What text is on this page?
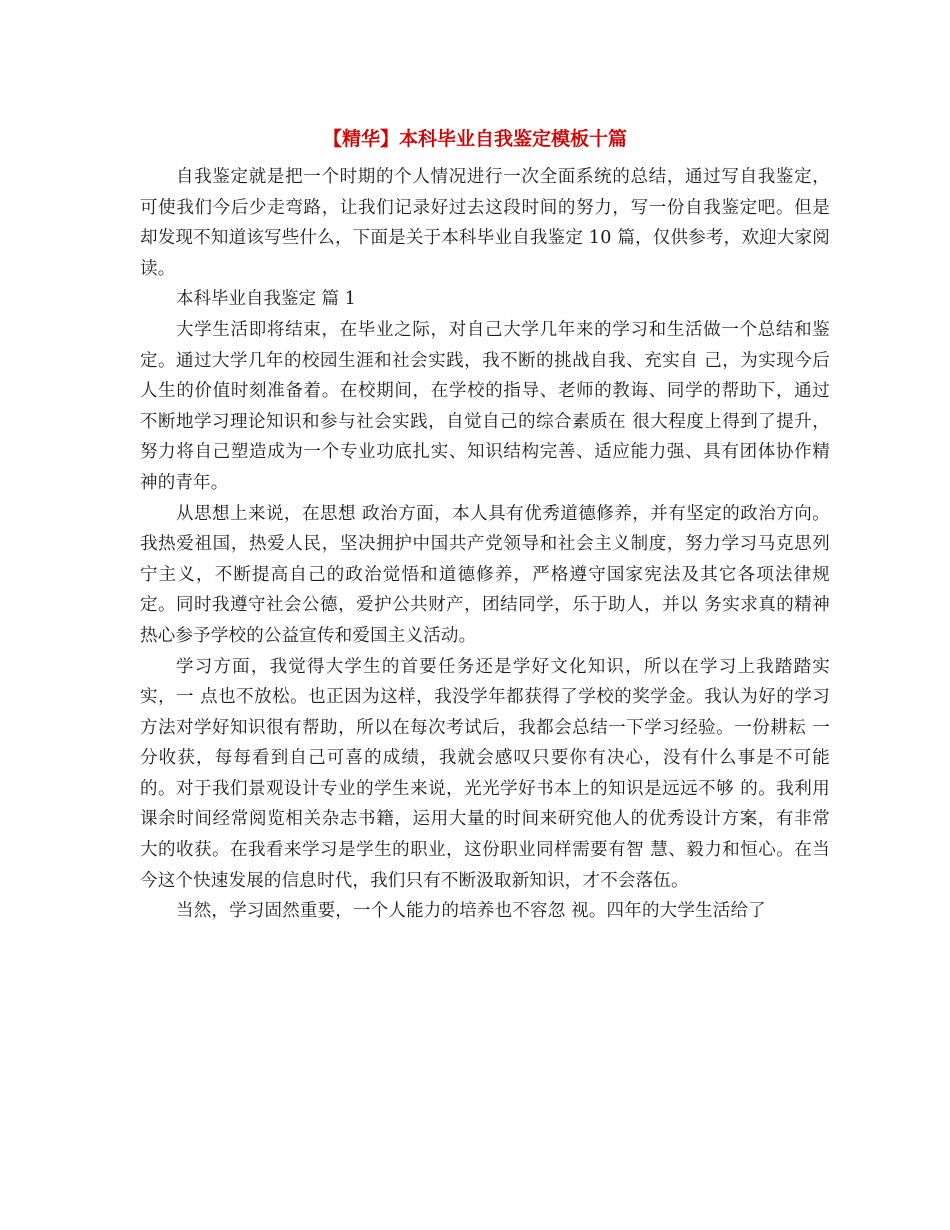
【精华】本科毕业自我鉴定模板十篇

自我鉴定就是把一个时期的个人情况进行一次全面系统的总结，通过写自我鉴定，可使我们今后少走弯路，让我们记录好过去这段时间的努力，写一份自我鉴定吧。但是却发现不知道该写些什么，下面是关于本科毕业自我鉴定 10 篇，仅供参考，欢迎大家阅读。

本科毕业自我鉴定 篇 1

大学生活即将结束，在毕业之际，对自己大学几年来的学习和生活做一个总结和鉴定。通过大学几年的校园生涯和社会实践，我不断的挑战自我、充实自 己，为实现今后人生的价值时刻准备着。在校期间，在学校的指导、老师的教诲、同学的帮助下，通过不断地学习理论知识和参与社会实践，自觉自己的综合素质在 很大程度上得到了提升，努力将自己塑造成为一个专业功底扎实、知识结构完善、适应能力强、具有团体协作精神的青年。

从思想上来说，在思想 政治方面，本人具有优秀道德修养，并有坚定的政治方向。我热爱祖国，热爱人民，坚决拥护中国共产党领导和社会主义制度，努力学习马克思列宁主义，不断提高自己的政治觉悟和道德修养，严格遵守国家宪法及其它各项法律规定。同时我遵守社会公德，爱护公共财产，团结同学，乐于助人，并以 务实求真的精神热心参予学校的公益宣传和爱国主义活动。

学习方面，我觉得大学生的首要任务还是学好文化知识，所以在学习上我踏踏实实，一 点也不放松。也正因为这样，我没学年都获得了学校的奖学金。我认为好的学习方法对学好知识很有帮助，所以在每次考试后，我都会总结一下学习经验。一份耕耘 一分收获，每每看到自己可喜的成绩，我就会感叹只要你有决心，没有什么事是不可能的。对于我们景观设计专业的学生来说，光光学好书本上的知识是远远不够 的。我利用课余时间经常阅览相关杂志书籍，运用大量的时间来研究他人的优秀设计方案，有非常大的收获。在我看来学习是学生的职业，这份职业同样需要有智 慧、毅力和恒心。在当今这个快速发展的信息时代，我们只有不断汲取新知识，才不会落伍。

当然，学习固然重要，一个人能力的培养也不容忽 视。四年的大学生活给了
